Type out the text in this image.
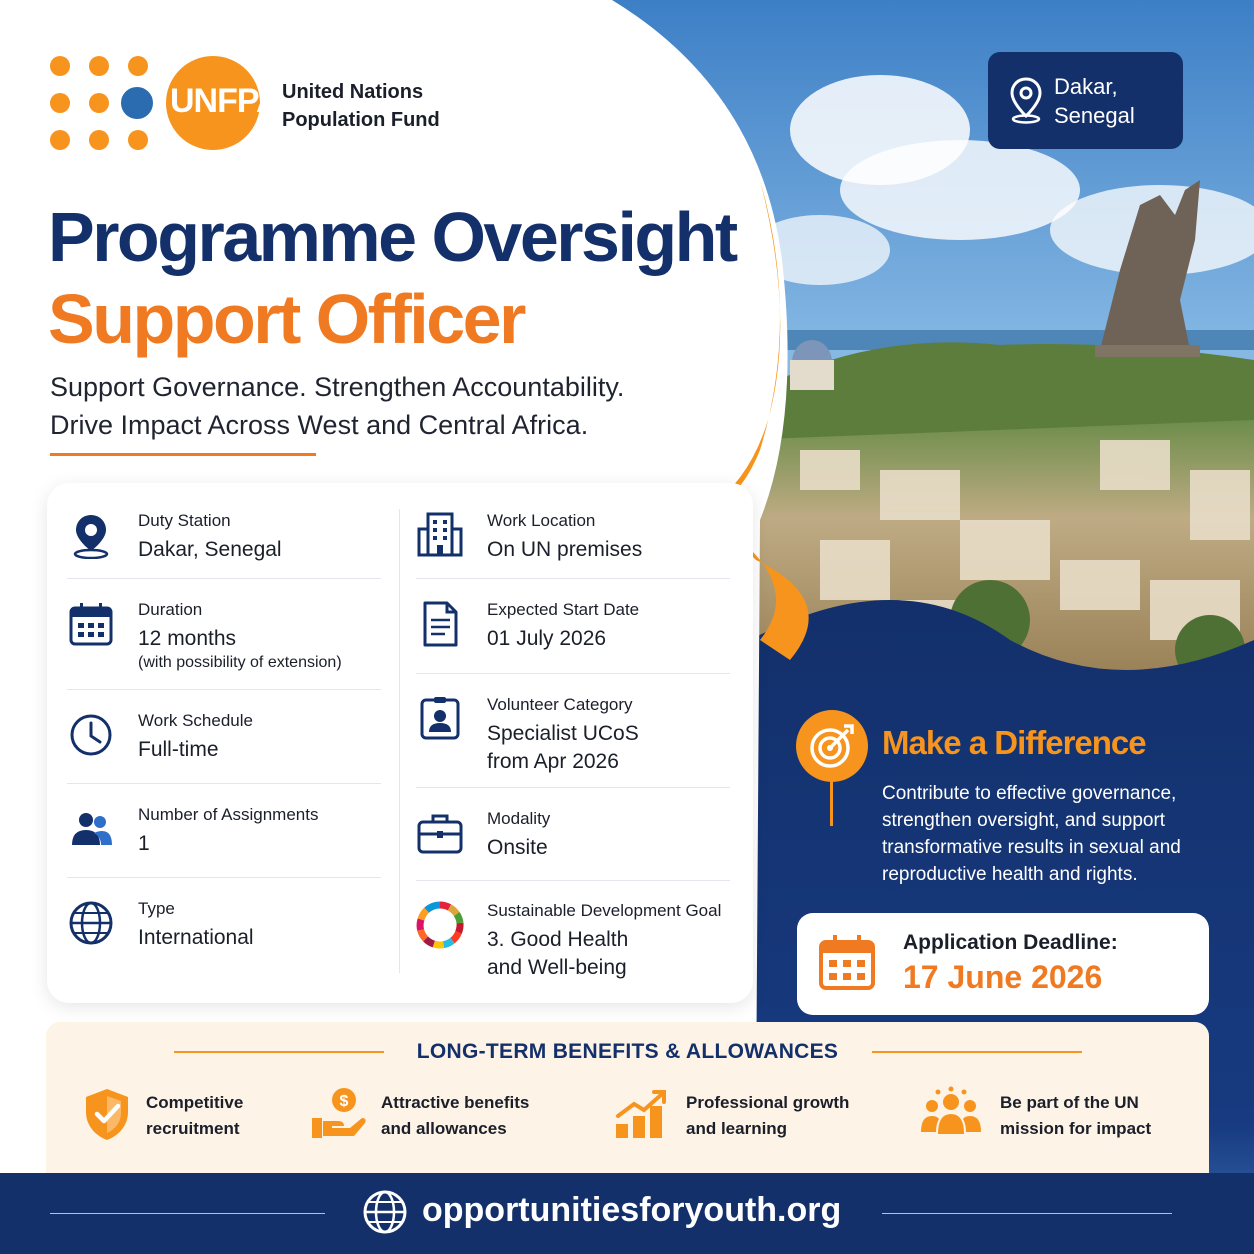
UNFPA United Nations
Population Fund
Dakar,
Senegal
Programme Oversight
Support Officer
Support Governance. Strengthen Accountability.
Drive Impact Across West and Central Africa.
Duty Station
Dakar, Senegal
Duration
12 months
(with possibility of extension)
Work Schedule
Full-time
Number of Assignments
1
Type
International
Work Location
On UN premises
Expected Start Date
01 July 2026
Volunteer Category
Specialist UCoS
from Apr 2026
Modality
Onsite
Sustainable Development Goal
3. Good Health
and Well-being
Make a Difference
Contribute to effective governance, strengthen oversight, and support transformative results in sexual and reproductive health and rights.
Application Deadline:
17 June 2026
LONG-TERM BENEFITS & ALLOWANCES
Competitive
recruitment
$ Attractive benefits
and allowances
Professional growth
and learning
Be part of the UN
mission for impact
opportunitiesforyouth.org
